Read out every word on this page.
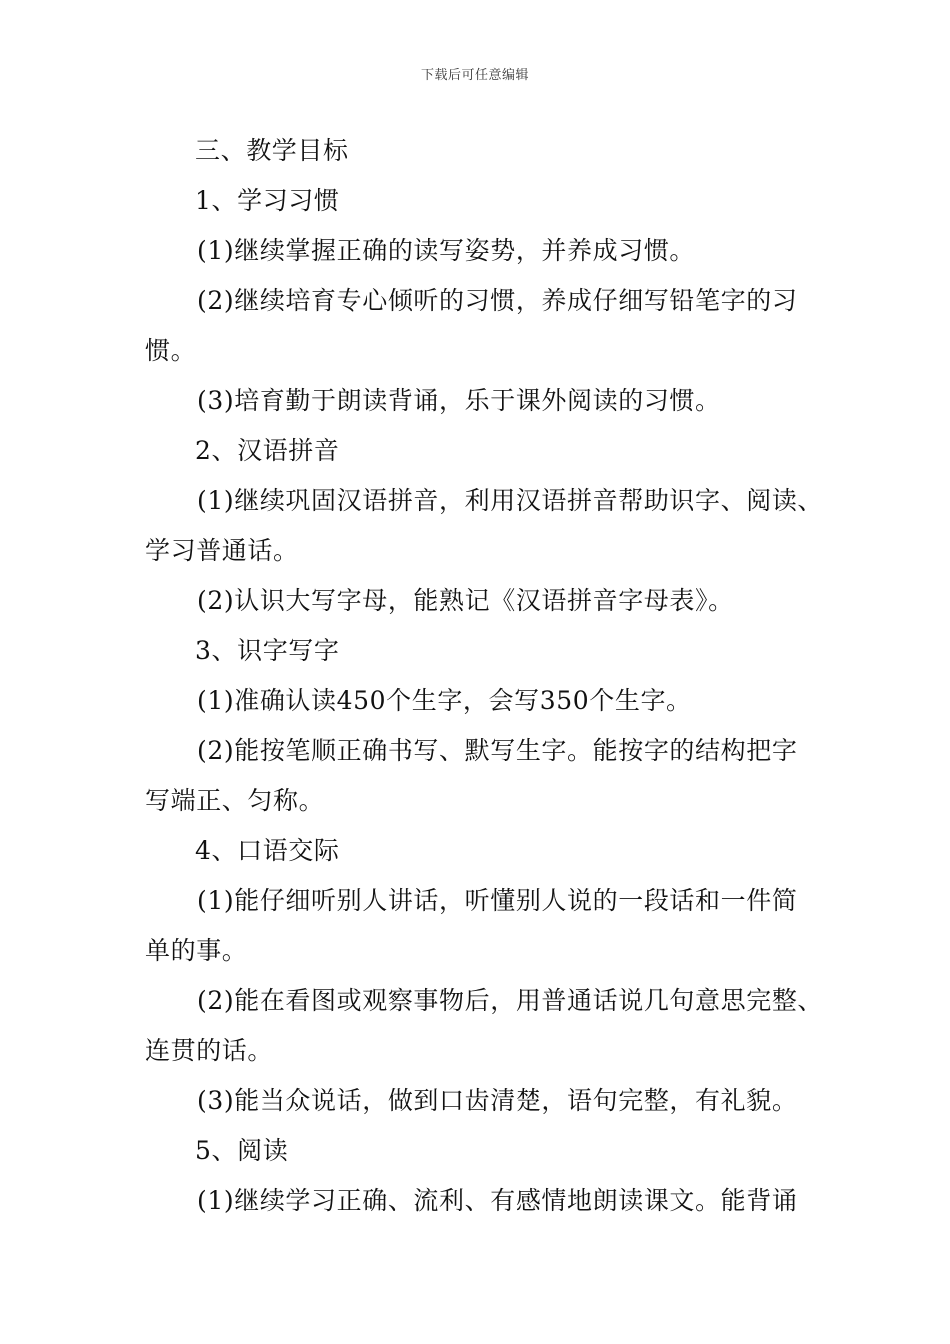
下载后可任意编辑
三、教学目标
1、学习习惯
(1)继续掌握正确的读写姿势，并养成习惯。
(2)继续培育专心倾听的习惯，养成仔细写铅笔字的习
惯。
(3)培育勤于朗读背诵，乐于课外阅读的习惯。
2、汉语拼音
(1)继续巩固汉语拼音，利用汉语拼音帮助识字、阅读、
学习普通话。
(2)认识大写字母，能熟记《汉语拼音字母表》。
3、识字写字
(1)准确认读450个生字，会写350个生字。
(2)能按笔顺正确书写、默写生字。能按字的结构把字
写端正、匀称。
4、口语交际
(1)能仔细听别人讲话，听懂别人说的一段话和一件简
单的事。
(2)能在看图或观察事物后，用普通话说几句意思完整、
连贯的话。
(3)能当众说话，做到口齿清楚，语句完整，有礼貌。
5、阅读
(1)继续学习正确、流利、有感情地朗读课文。能背诵
